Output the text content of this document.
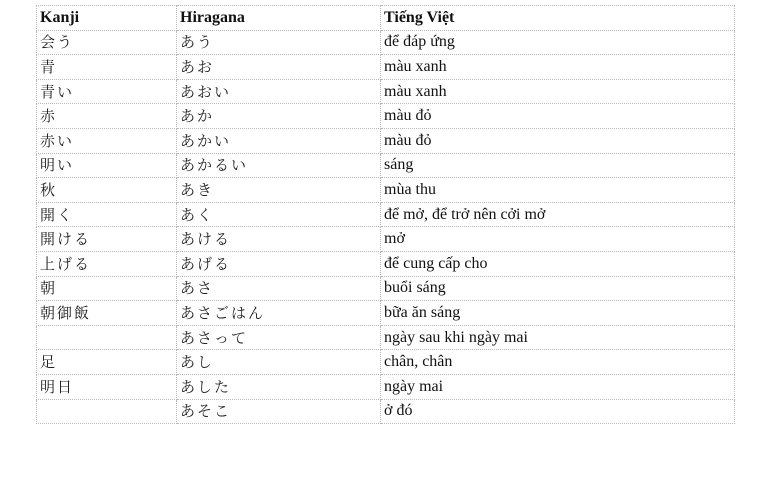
Kanji	Hiragana	Tiếng Việt
会う	あう	để đáp ứng
青	あお	màu xanh
青い	あおい	màu xanh
赤	あか	màu đỏ
赤い	あかい	màu đỏ
明い	あかるい	sáng
秋	あき	mùa thu
開く	あく	để mở, để trở nên cởi mở
開ける	あける	mở
上げる	あげる	để cung cấp cho
朝	あさ	buổi sáng
朝御飯	あさごはん	bữa ăn sáng
	あさって	ngày sau khi ngày mai
足	あし	chân, chân
明日	あした	ngày mai
	あそこ	ở đó
